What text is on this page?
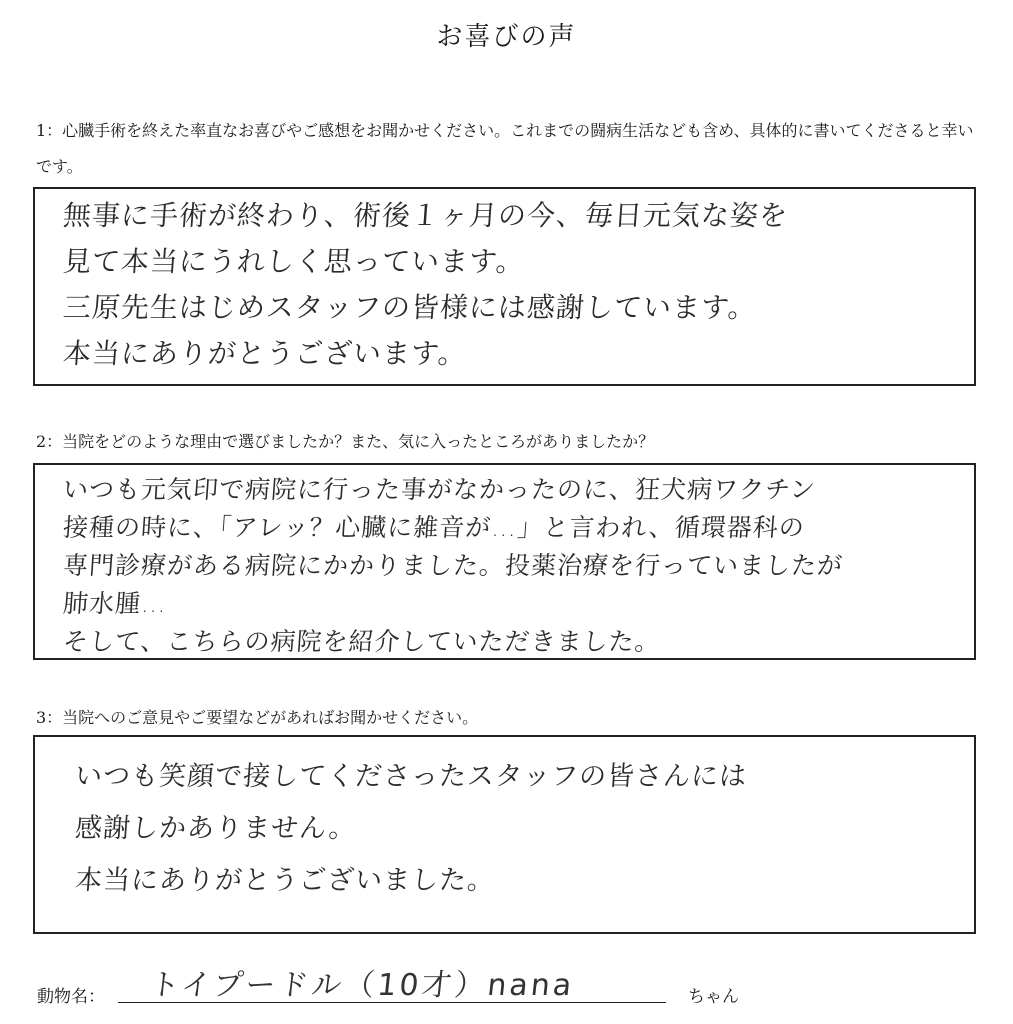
お喜びの声
1：心臓手術を終えた率直なお喜びやご感想をお聞かせください。これまでの闘病生活なども含め、具体的に書いてくださると幸いです。
無事に手術が終わり、術後１ヶ月の今、毎日元気な姿を
見て本当にうれしく思っています。
三原先生はじめスタッフの皆様には感謝しています。
本当にありがとうございます。
2：当院をどのような理由で選びましたか？また、気に入ったところがありましたか？
いつも元気印で病院に行った事がなかったのに、狂犬病ワクチン
接種の時に、「アレッ？心臓に雑音が…」と言われ、循環器科の
専門診療がある病院にかかりました。投薬治療を行っていましたが
肺水腫…
そして、こちらの病院を紹介していただきました。
3：当院へのご意見やご要望などがあればお聞かせください。
いつも笑顔で接してくださったスタッフの皆さんには
感謝しかありません。
本当にありがとうございました。
動物名： トイプードル（10才）nana	ちゃん
